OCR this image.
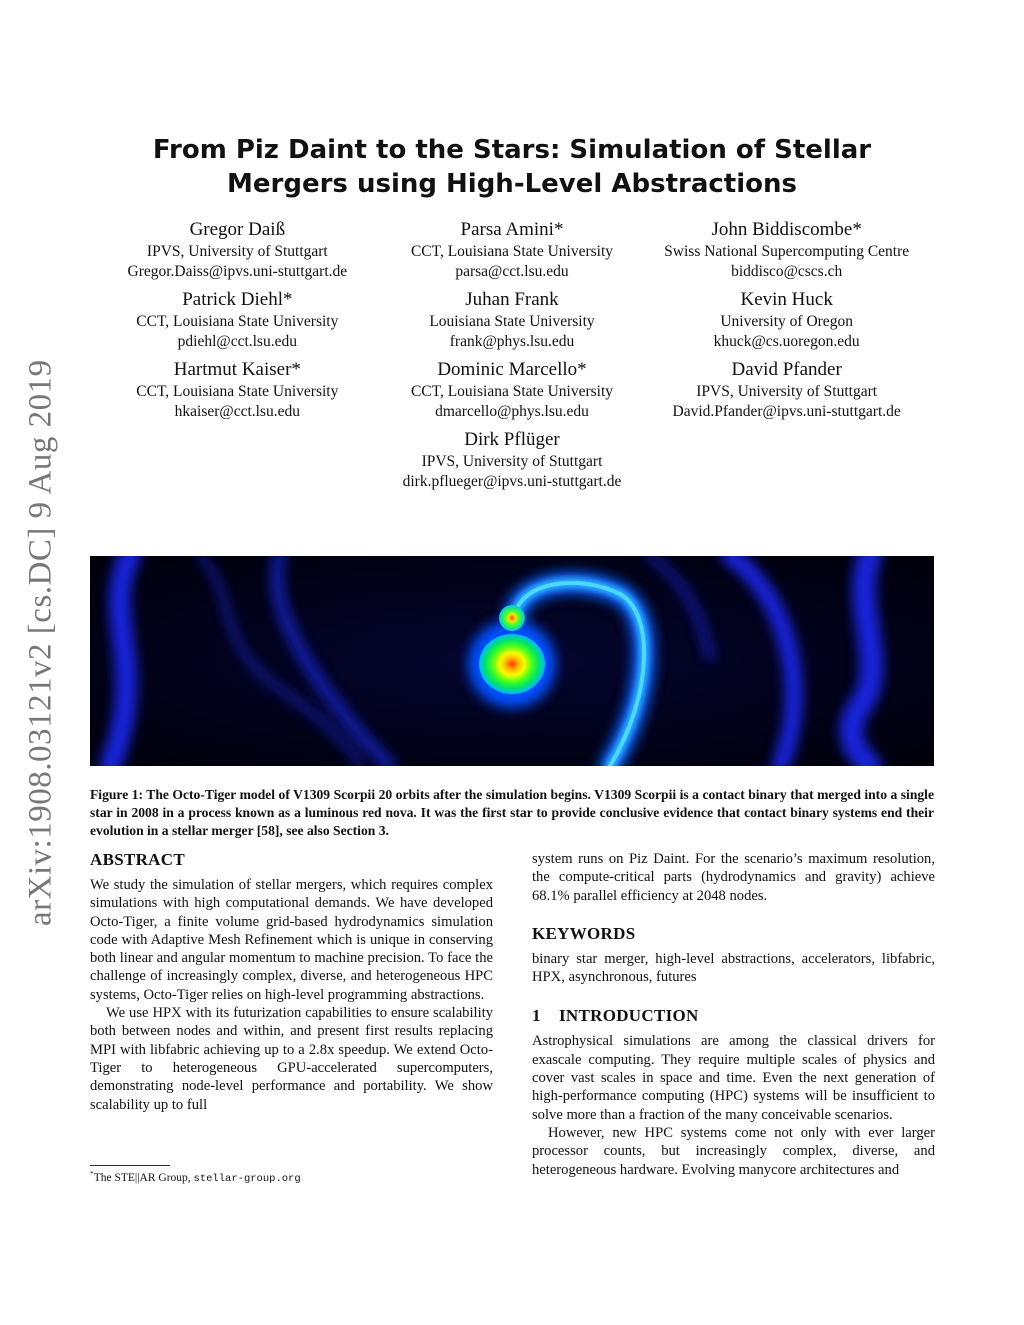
arXiv:1908.03121v2 [cs.DC] 9 Aug 2019
From Piz Daint to the Stars: Simulation of Stellar Mergers using High-Level Abstractions
Gregor Daiß
IPVS, University of Stuttgart
Gregor.Daiss@ipvs.uni-stuttgart.de
Parsa Amini*
CCT, Louisiana State University
parsa@cct.lsu.edu
John Biddiscombe*
Swiss National Supercomputing Centre
biddisco@cscs.ch
Patrick Diehl*
CCT, Louisiana State University
pdiehl@cct.lsu.edu
Juhan Frank
Louisiana State University
frank@phys.lsu.edu
Kevin Huck
University of Oregon
khuck@cs.uoregon.edu
Hartmut Kaiser*
CCT, Louisiana State University
hkaiser@cct.lsu.edu
Dominic Marcello*
CCT, Louisiana State University
dmarcello@phys.lsu.edu
David Pfander
IPVS, University of Stuttgart
David.Pfander@ipvs.uni-stuttgart.de
Dirk Pflüger
IPVS, University of Stuttgart
dirk.pflueger@ipvs.uni-stuttgart.de
Figure 1: The Octo-Tiger model of V1309 Scorpii 20 orbits after the simulation begins. V1309 Scorpii is a contact binary that merged into a single star in 2008 in a process known as a luminous red nova. It was the first star to provide conclusive evidence that contact binary systems end their evolution in a stellar merger [58], see also Section 3.
ABSTRACT

We study the simulation of stellar mergers, which requires complex simulations with high computational demands. We have developed Octo-Tiger, a finite volume grid-based hydrodynamics simulation code with Adaptive Mesh Refinement which is unique in conserving both linear and angular momentum to machine precision. To face the challenge of increasingly complex, diverse, and heterogeneous HPC systems, Octo-Tiger relies on high-level programming abstractions.

We use HPX with its futurization capabilities to ensure scalability both between nodes and within, and present first results replacing MPI with libfabric achieving up to a 2.8x speedup. We extend Octo-Tiger to heterogeneous GPU-accelerated supercomputers, demonstrating node-level performance and portability. We show scalability up to full

system runs on Piz Daint. For the scenario’s maximum resolution, the compute-critical parts (hydrodynamics and gravity) achieve 68.1% parallel efficiency at 2048 nodes.

KEYWORDS

binary star merger, high-level abstractions, accelerators, libfabric, HPX, asynchronous, futures

1 INTRODUCTION

Astrophysical simulations are among the classical drivers for exascale computing. They require multiple scales of physics and cover vast scales in space and time. Even the next generation of high-performance computing (HPC) systems will be insufficient to solve more than a fraction of the many conceivable scenarios.

However, new HPC systems come not only with ever larger processor counts, but increasingly complex, diverse, and heterogeneous hardware. Evolving manycore architectures and

*The STE||AR Group, stellar-group.org
